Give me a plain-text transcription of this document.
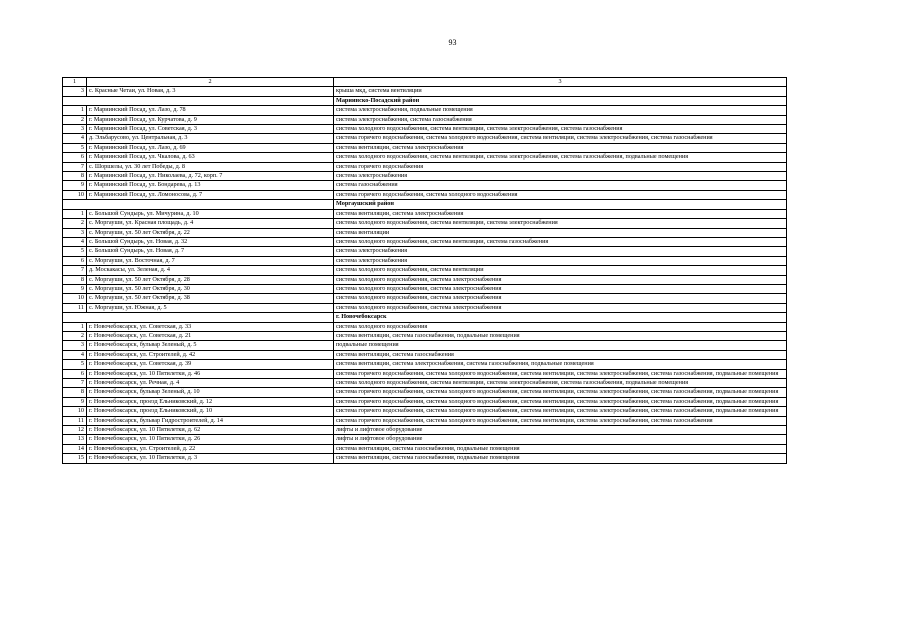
93
1	2	3
3	с. Красные Четаи, ул. Новая, д. 3	крыша мкд, система вентиляции
		Мариинско-Посадский район
1	г. Мариинский Посад, ул. Лазо, д. 78	система электроснабжения, подвальные помещения
2	г. Мариинский Посад, ул. Курчатова, д. 9	система электроснабжения, система газоснабжения
3	г. Мариинский Посад, ул. Советская, д. 3	система холодного водоснабжения, система вентиляции, система электроснабжения, система газоснабжения
4	д. Эльбарусово, ул. Центральная, д. 3	система горячего водоснабжения, система холодного водоснабжения, система вентиляции, система электроснабжения, система газоснабжения
5	г. Мариинский Посад, ул. Лазо, д. 69	система вентиляции, система электроснабжения
6	г. Мариинский Посад, ул. Чкалова, д. 63	система холодного водоснабжения, система вентиляции, система электроснабжения, система газоснабжения, подвальные помещения
7	с. Шоршелы, ул. 30 лет Победы, д. 8	система горячего водоснабжения
8	г. Мариинский Посад, ул. Николаева, д. 72, корп. 7	система электроснабжения
9	г. Мариинский Посад, ул. Бондарева, д. 13	система газоснабжения
10	г. Мариинский Посад, ул. Ломоносова, д. 7	система горячего водоснабжения, система холодного водоснабжения
		Моргаушский район
1	с. Большой Сундырь, ул. Мичурина, д. 10	система вентиляции, система электроснабжения
2	с. Моргауши, ул. Красная площадь, д. 4	система холодного водоснабжения, система вентиляции, система электроснабжения
3	с. Моргауши, ул. 50 лет Октября, д. 22	система вентиляции
4	с. Большой Сундырь, ул. Новая, д. 32	система холодного водоснабжения, система вентиляции, система газоснабжения
5	с. Большой Сундырь, ул. Новая, д. 7	система электроснабжения
6	с. Моргауши, ул. Восточная, д. 7	система электроснабжения
7	д. Москакасы, ул. Зеленая, д. 4	система холодного водоснабжения, система вентиляции
8	с. Моргауши, ул. 50 лет Октября, д. 28	система холодного водоснабжения, система электроснабжения
9	с. Моргауши, ул. 50 лет Октября, д. 30	система холодного водоснабжения, система электроснабжения
10	с. Моргауши, ул. 50 лет Октября, д. 38	система холодного водоснабжения, система электроснабжения
11	с. Моргауши, ул. Южная, д. 5	система холодного водоснабжения, система электроснабжения
		г. Новочебоксарск
1	г. Новочебоксарск, ул. Советская, д. 33	система холодного водоснабжения
2	г. Новочебоксарск, ул. Советская, д. 21	система вентиляции, система газоснабжения, подвальные помещения
3	г. Новочебоксарск, бульвар Зеленый, д. 5	подвальные помещения
4	г. Новочебоксарск, ул. Строителей, д. 42	система вентиляции, система газоснабжения
5	г. Новочебоксарск, ул. Советская, д. 39	система вентиляции, система электроснабжения, система газоснабжения, подвальные помещения
6	г. Новочебоксарск, ул. 10 Пятилетки, д. 46	система горячего водоснабжения, система холодного водоснабжения, система вентиляции, система электроснабжения, система газоснабжения, подвальные помещения
7	г. Новочебоксарск, ул. Речная, д. 4	система холодного водоснабжения, система вентиляции, система электроснабжения, система газоснабжения, подвальные помещения
8	г. Новочебоксарск, бульвар Зеленый, д. 10	система горячего водоснабжения, система холодного водоснабжения, система вентиляции, система электроснабжения, система газоснабжения, подвальные помещения
9	г. Новочебоксарск, проезд Ельниковский, д. 12	система горячего водоснабжения, система холодного водоснабжения, система вентиляции, система электроснабжения, система газоснабжения, подвальные помещения
10	г. Новочебоксарск, проезд Ельниковский, д. 10	система горячего водоснабжения, система холодного водоснабжения, система вентиляции, система электроснабжения, система газоснабжения, подвальные помещения
11	г. Новочебоксарск, бульвар Гидростроителей, д. 14	система горячего водоснабжения, система холодного водоснабжения, система вентиляции, система электроснабжения, система газоснабжения
12	г. Новочебоксарск, ул. 10 Пятилетки, д. 62	лифты и лифтовое оборудование
13	г. Новочебоксарск, ул. 10 Пятилетки, д. 26	лифты и лифтовое оборудование
14	г. Новочебоксарск, ул. Строителей, д. 22	система вентиляции, система газоснабжения, подвальные помещения
15	г. Новочебоксарск, ул. 10 Пятилетки, д. 3	система вентиляции, система газоснабжения, подвальные помещения
